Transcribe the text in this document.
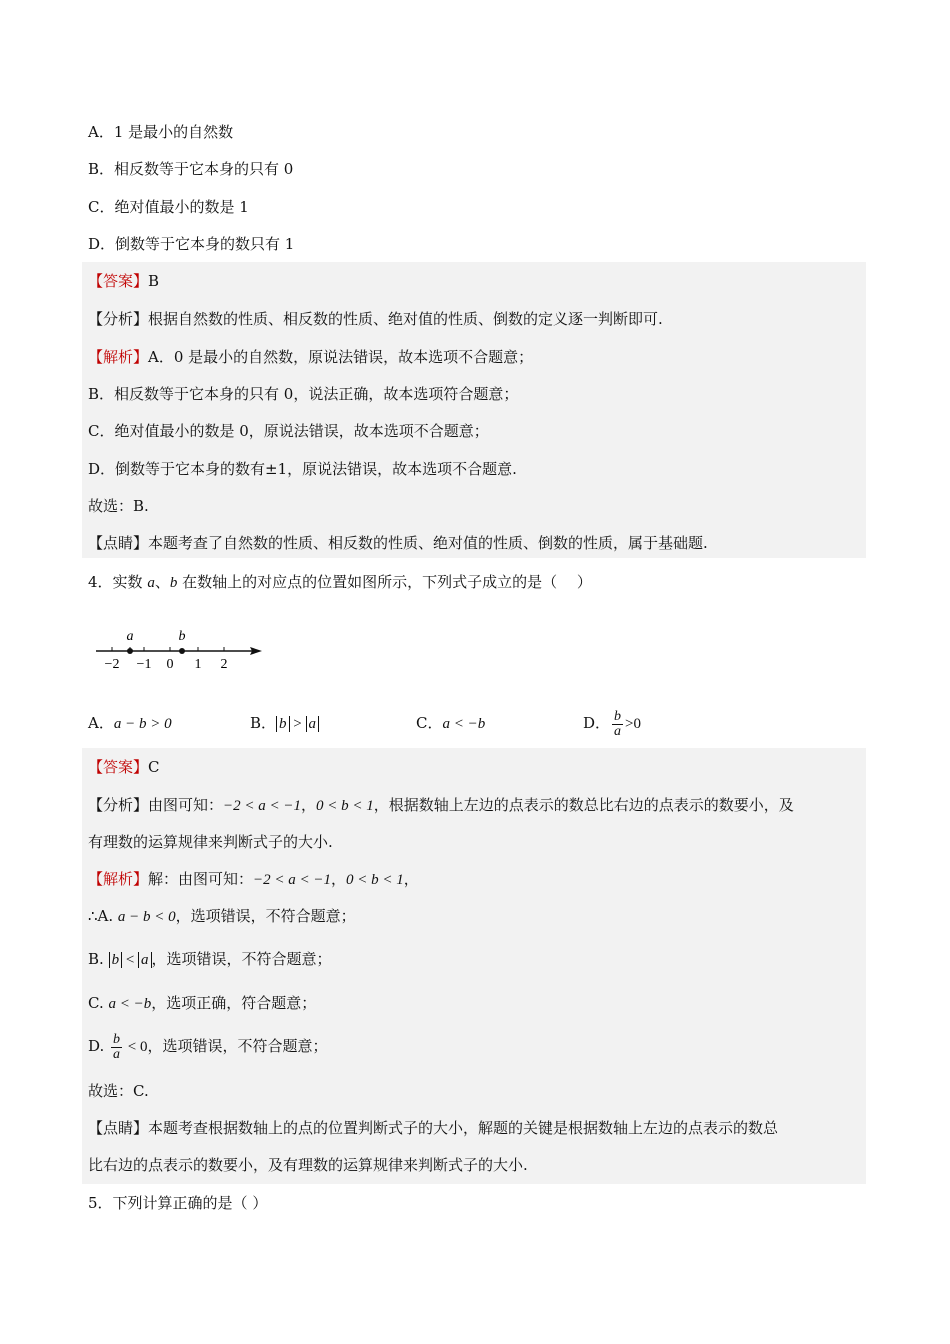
A．1 是最小的自然数
B．相反数等于它本身的只有 0
C．绝对值最小的数是 1
D．倒数等于它本身的数只有 1
【答案】B
【分析】根据自然数的性质、相反数的性质、绝对值的性质、倒数的定义逐一判断即可.
【解析】A．0 是最小的自然数，原说法错误，故本选项不合题意；
B．相反数等于它本身的只有 0，说法正确，故本选项符合题意；
C．绝对值最小的数是 0，原说法错误，故本选项不合题意；
D．倒数等于它本身的数有±1，原说法错误，故本选项不合题意.
故选：B.
【点睛】本题考查了自然数的性质、相反数的性质、绝对值的性质、倒数的性质，属于基础题.
4．实数 a、b 在数轴上的对应点的位置如图所示，下列式子成立的是（　 ）
a	b
−2 −1 0 1 2
A．a − b > 0	B． b > a	C．a < −b	D． $\frac{b}{a} >0$
【答案】C
【分析】由图可知：−2 < a < −1，0 < b < 1，根据数轴上左边的点表示的数总比右边的点表示的数要小，及
有理数的运算规律来判断式子的大小.
【解析】解：由图可知：−2 < a < −1，0 < b < 1，
∴A. a − b < 0，选项错误，不符合题意；
B. b < a ，选项错误，不符合题意；
C. a < −b，选项正确，符合题意；
D. $\frac{b}{a} < 0$，选项错误，不符合题意；
故选：C.
【点睛】本题考查根据数轴上的点的位置判断式子的大小，解题的关键是根据数轴上左边的点表示的数总
比右边的点表示的数要小，及有理数的运算规律来判断式子的大小.
5．下列计算正确的是（ ）
